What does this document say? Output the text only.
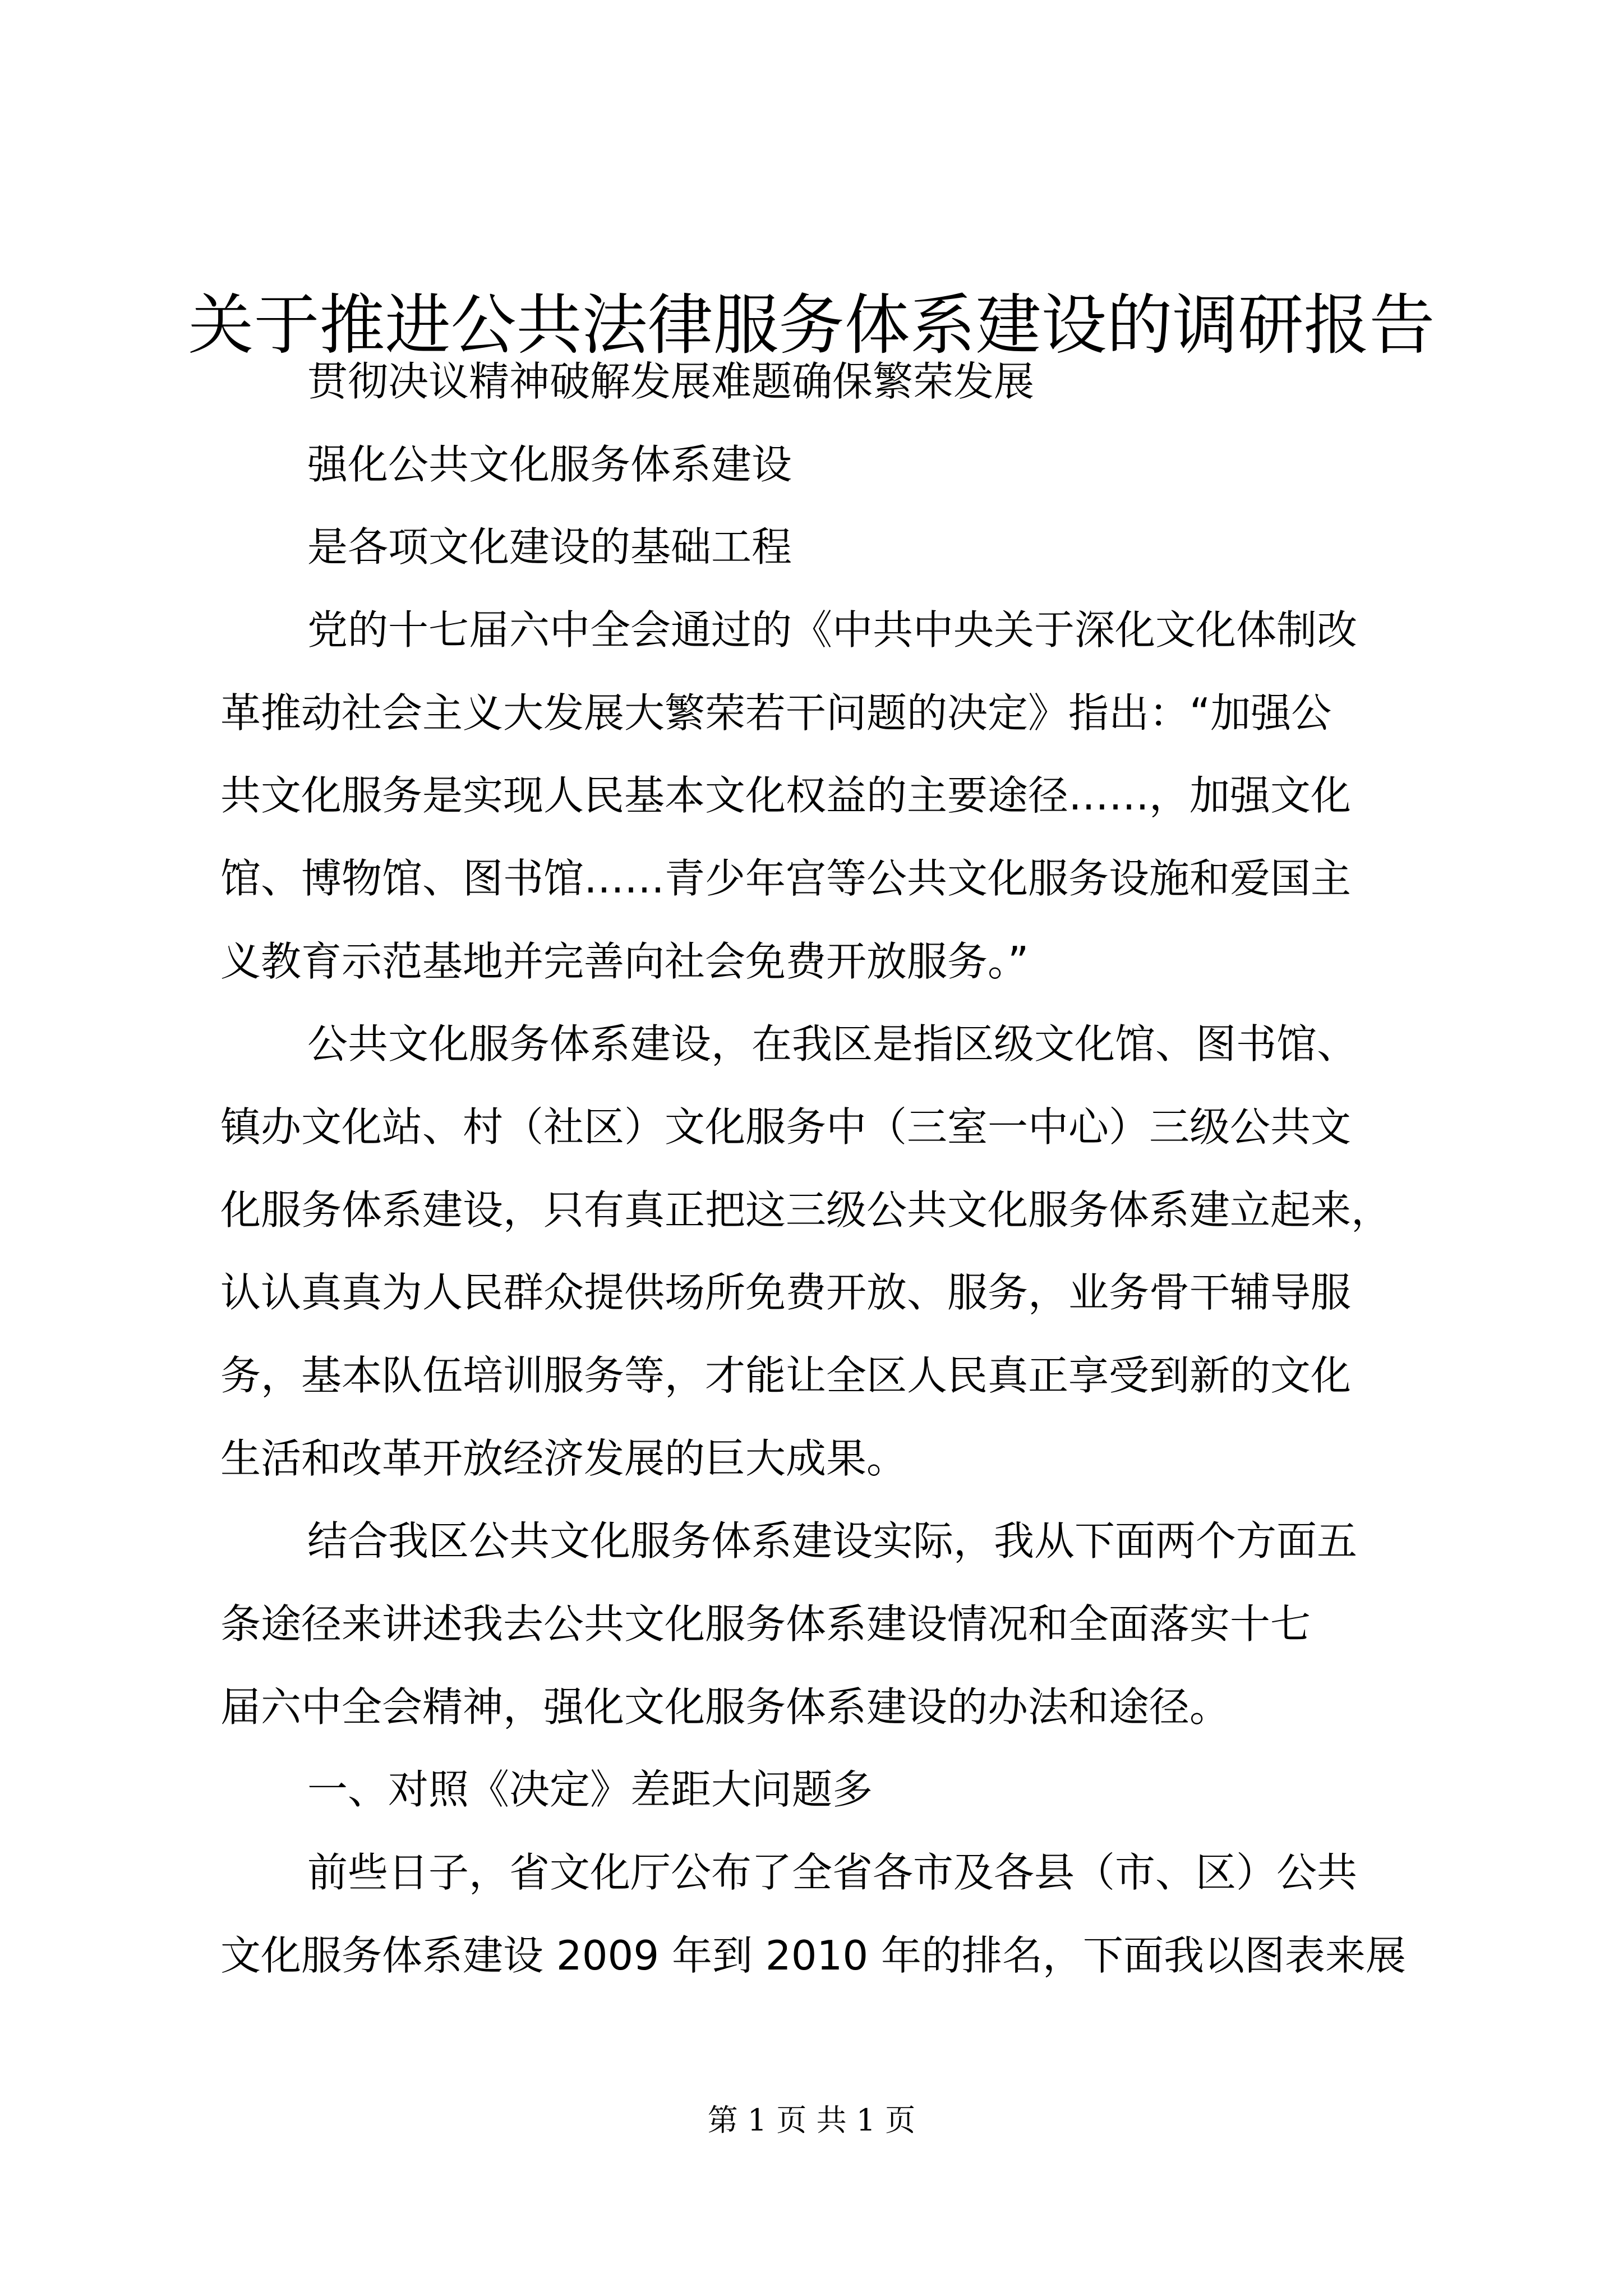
关于推进公共法律服务体系建设的调研报告
贯彻决议精神破解发展难题确保繁荣发展
强化公共文化服务体系建设
是各项文化建设的基础工程
党的十七届六中全会通过的《中共中央关于深化文化体制改
革推动社会主义大发展大繁荣若干问题的决定》指出：“加强公
共文化服务是实现人民基本文化权益的主要途径……，加强文化
馆、博物馆、图书馆……青少年宫等公共文化服务设施和爱国主
义教育示范基地并完善向社会免费开放服务。”
公共文化服务体系建设，在我区是指区级文化馆、图书馆、
镇办文化站、村（社区）文化服务中（三室一中心）三级公共文
化服务体系建设，只有真正把这三级公共文化服务体系建立起来，
认认真真为人民群众提供场所免费开放、服务，业务骨干辅导服
务，基本队伍培训服务等，才能让全区人民真正享受到新的文化
生活和改革开放经济发展的巨大成果。
结合我区公共文化服务体系建设实际，我从下面两个方面五
条途径来讲述我去公共文化服务体系建设情况和全面落实十七
届六中全会精神，强化文化服务体系建设的办法和途径。
一、对照《决定》差距大问题多
前些日子，省文化厅公布了全省各市及各县（市、区）公共
文化服务体系建设 2009 年到 2010 年的排名，下面我以图表来展
第 1 页 共 1 页
